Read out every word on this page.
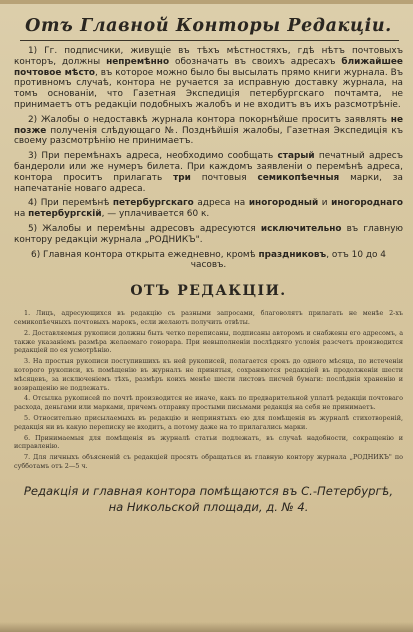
Отъ Главной Конторы Редакціи.

1) Гг. подписчики, живущіе въ тѣхъ мѣстностяхъ, гдѣ нѣтъ почтовыхъ конторъ, должны непремѣнно обозначать въ своихъ адресахъ ближайшее почтовое мѣсто, въ которое можно было бы высылать прямо книги журнала. Въ противномъ случаѣ, контора не ручается за исправную доставку журнала, на томъ основаніи, что Газетная Экспедиція петербургскаго почтамта, не принимаетъ отъ редакціи подобныхъ жалобъ и не входитъ въ ихъ разсмотрѣніе.

2) Жалобы о недоставкѣ журнала контора покорнѣйше проситъ заявлять не позже полученія слѣдующаго №. Позднѣйшія жалобы, Газетная Экспедиція къ своему разсмотрѣнію не принимаетъ.

3) При перемѣнахъ адреса, необходимо сообщать старый печатный адресъ бандероли или же нумеръ билета. При каждомъ заявленіи о перемѣнѣ адреса, контора проситъ прилагать три почтовыя семикопѣечныя марки, за напечатаніе новаго адреса.

4) При перемѣнѣ петербургскаго адреса на иногородный и иногороднаго на петербургскій, — уплачивается 60 к.

5) Жалобы и перемѣны адресовъ адресуются исключительно въ главную контору редакціи журнала „РОДНИКЪ".

6) Главная контора открыта ежедневно, кромѣ праздниковъ, отъ 10 до 4 часовъ.

ОТЪ РЕДАКЦІИ.

1. Лицъ, адресующихся въ редакцію съ разными запросами, благоволятъ прилагать не менѣе 2-хъ семикопѣечныхъ почтовыхъ марокъ, если желаютъ получить отвѣты.

2. Доставляемыя рукописи должны быть четко переписаны, подписаны авторомъ и снабжены его адресомъ, а также указаніемъ размѣра желаемаго гонорара. При невыполненіи послѣдняго условія разсчетъ производится редакціей по ея усмотрѣнію.

3. На простыя рукописи поступившихъ къ ней рукописей, полагается срокъ до одного мѣсяца, по истеченіи которого рукописи, къ помѣщенію въ журналъ не принятыя, сохраняются редакціей въ продолженіи шести мѣсяцевъ, за исключеніемъ тѣхъ, размѣръ коихъ менѣе шести листовъ писчей бумаги: послѣднія храненію и возвращенію не подлежатъ.

4. Отсылка рукописей по почтѣ производится не иначе, какъ по предварительной уплатѣ редакціи почтоваго расхода, деньгами или марками, причемъ отправку простыми письмами редакція на себя не принимаетъ.

5. Относительно присылаемыхъ въ редакцію и непринятыхъ ею для помѣщенія въ журналѣ стихотвореній, редакція ни въ какую переписку не входитъ, а потому даже на то прилагались марки.

6. Принимаемыя для помѣщенія въ журналѣ статьи подлежатъ, въ случаѣ надобности, сокращенію и исправленію.

7. Для личныхъ объясненій съ редакціей просятъ обращаться въ главную контору журнала „РОДНИКЪ" по субботамъ отъ 2—5 ч.

Редакція и главная контора помѣщаются въ С.-Петербургѣ, на Никольской площади, д. № 4.
